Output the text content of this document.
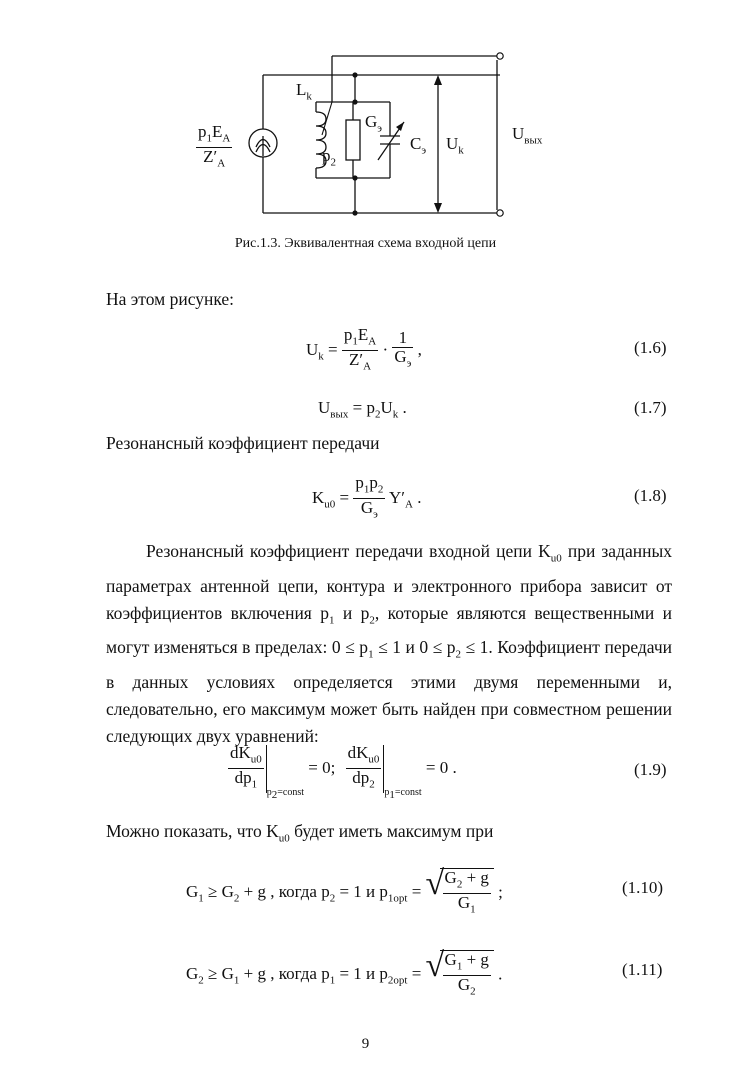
$\frac{p_1E_A}{Z'_A}$
$L_k$
$p_2$
$G_э$
$C_э$ $U_k$
$U_{вых}$
Рис.1.3. Эквивалентная схема входной цепи
На этом рисунке:
$U_k = \frac{p_1E_A}{Z'_A} \cdot \frac{1}{G_э}$ ,	(1.6)
$U_{вых} = p_2U_k$ .	(1.7)
Резонансный коэффициент передачи
$K_{u0} = \frac{p_1p_2}{G_э} Y'_A$ .	(1.8)
Резонансный коэффициент передачи входной цепи $K_{u0}$ при заданных параметрах антенной цепи, контура и электронного прибора зависит от коэффициентов включения $p_1$ и $p_2$, которые являются вещественными и могут изменяться в пределах: $0 \le p_1 \le 1$ и $0 \le p_2 \le 1$. Коэффициент передачи в данных условиях определяется этими двумя переменными и, следовательно, его максимум может быть найден при совместном решении следующих двух уравнений:
$\frac{dK_{u0}}{dp_1} _{p_2=const} = 0$; $\frac{dK_{u0}}{dp_2} _{p_1=const} = 0$ .	(1.9)
Можно показать, что $K_{u0}$ будет иметь максимум при
$G_1 \ge G_2 + g$ , когда $p_2 = 1$ и $p_{1opt}$ = √
$\frac{G_2 + g}{G_1}$ ;	(1.10)
$G_2 \ge G_1 + g$ , когда $p_1 = 1$ и $p_{2opt}$ = √
$\frac{G_1 + g}{G_2}$ .	(1.11)
9
